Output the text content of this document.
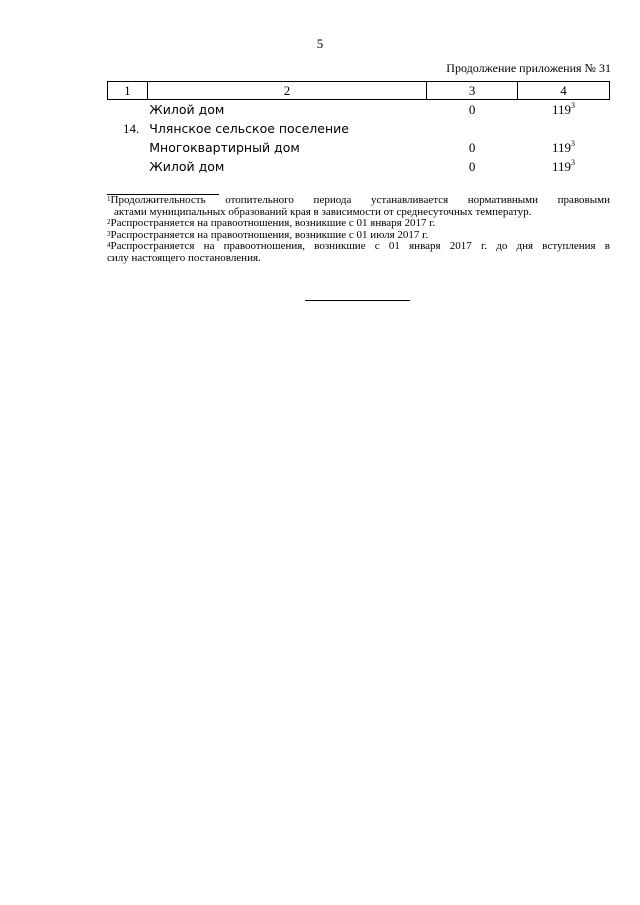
5
Продолжение приложения № 31
1	2	3	4
	Жилой дом	0	$119^3$
14.	Члянское сельское поселение		
	Многоквартирный дом	0	$119^3$
	Жилой дом	0	$119^3$

$^1$Продолжительность отопительного периода устанавливается нормативными правовыми

актами муниципальных образований края в зависимости от среднесуточных температур.

$^2$Распространяется на правоотношения, возникшие с 01 января 2017 г.

$^3$Распространяется на правоотношения, возникшие с 01 июля 2017 г.

$^4$Распространяется на правоотношения, возникшие с 01 января 2017 г. до дня вступления в

силу настоящего постановления.
